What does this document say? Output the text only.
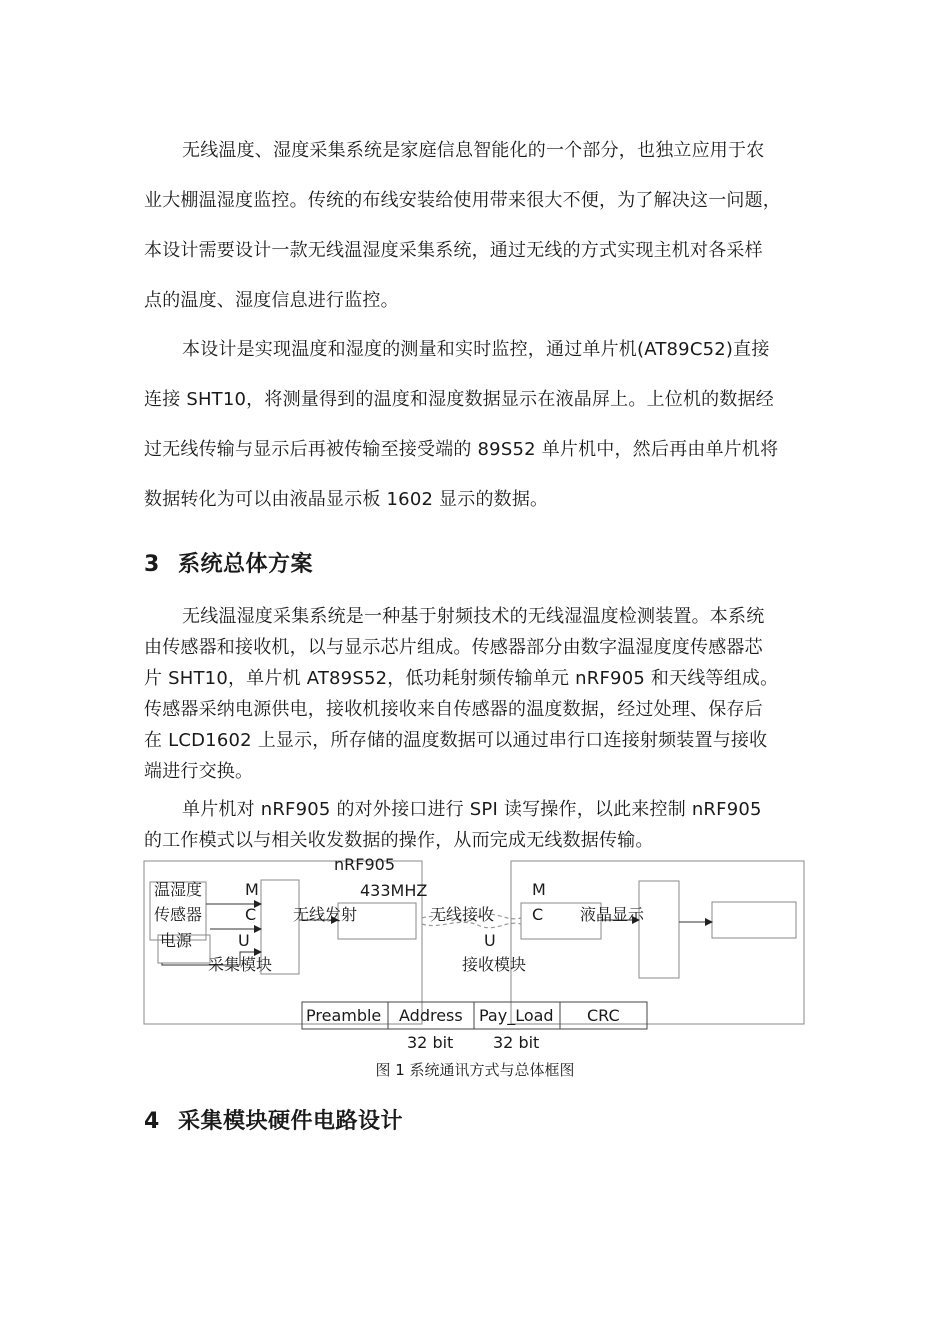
无线温度、湿度采集系统是家庭信息智能化的一个部分，也独立应用于农
业大棚温湿度监控。传统的布线安装给使用带来很大不便，为了解决这一问题，
本设计需要设计一款无线温湿度采集系统，通过无线的方式实现主机对各采样
点的温度、湿度信息进行监控。
本设计是实现温度和湿度的测量和实时监控，通过单片机(AT89C52)直接
连接 SHT10，将测量得到的温度和湿度数据显示在液晶屏上。上位机的数据经
过无线传输与显示后再被传输至接受端的 89S52 单片机中，然后再由单片机将
数据转化为可以由液晶显示板 1602 显示的数据。
3 系统总体方案
无线温湿度采集系统是一种基于射频技术的无线湿温度检测装置。本系统
由传感器和接收机，以与显示芯片组成。传感器部分由数字温湿度度传感器芯
片 SHT10，单片机 AT89S52，低功耗射频传输单元 nRF905 和天线等组成。
传感器采纳电源供电，接收机接收来自传感器的温度数据，经过处理、保存后
在 LCD1602 上显示，所存储的温度数据可以通过串行口连接射频装置与接收
端进行交换。
单片机对 nRF905 的对外接口进行 SPI 读写操作，以此来控制 nRF905
的工作模式以与相关收发数据的操作，从而完成无线数据传输。
温湿度
传感器
电源
M
C
U
无线发射
nRF905
433MHZ
无线接收
M
C
U
液晶显示
采集模块	接收模块
Preamble Address Pay_Load CRC
32 bit 32 bit
图 1 系统通讯方式与总体框图
4 采集模块硬件电路设计
